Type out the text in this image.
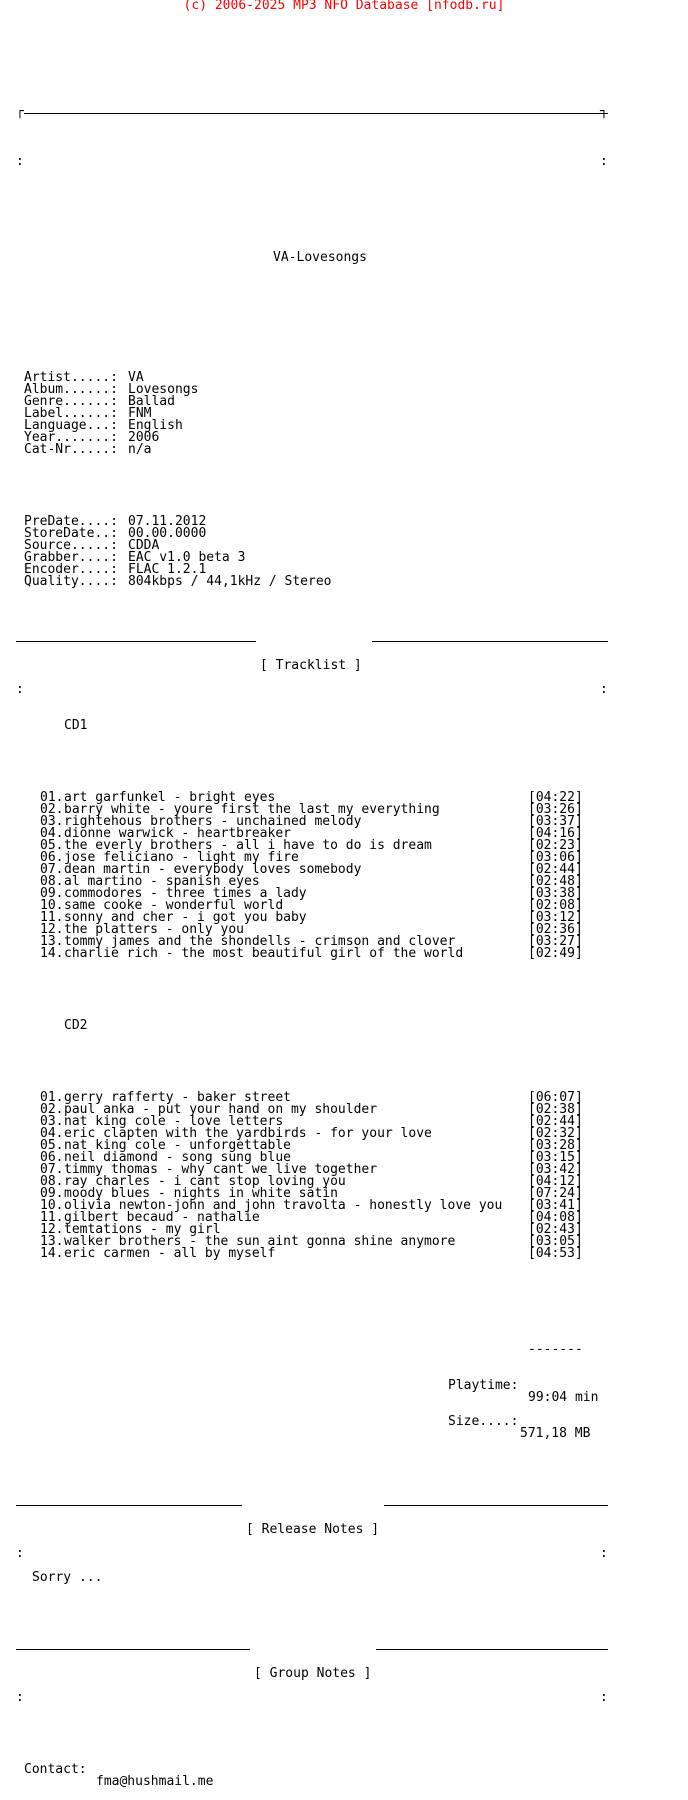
(c) 2006-2025 MP3 NFO Database [nfodb.ru]

┌

	┐

:	:

VA-Lovesongs

Artist.....: VA
Album......: Lovesongs
Genre......: Ballad
Label......: FNM
Language...: English
Year.......: 2006
Cat-Nr.....: n/a

PreDate....: 07.11.2012
StoreDate..: 00.00.0000
Source.....: CDDA
Grabber....: EAC v1.0 beta 3
Encoder....: FLAC 1.2.1
Quality....: 804kbps / 44,1kHz / Stereo

[ Tracklist ]

:	:

CD1

01. art garfunkel - bright eyes	[04:22]
02. barry white - youre first the last my everything	[03:26]
03. rightehous brothers - unchained melody	[03:37]
04. dionne warwick - heartbreaker	[04:16]
05. the everly brothers - all i have to do is dream	[02:23]
06. jose feliciano - light my fire	[03:06]
07. dean martin - everybody loves somebody	[02:44]
08. al martino - spanish eyes	[02:48]
09. commodores - three times a lady	[03:38]
10. same cooke - wonderful world	[02:08]
11. sonny and cher - i got you baby	[03:12]
12. the platters - only you	[02:36]
13. tommy james and the shondells - crimson and clover	[03:27]
14. charlie rich - the most beautiful girl of the world	[02:49]

CD2

01. gerry rafferty - baker street	[06:07]
02. paul anka - put your hand on my shoulder	[02:38]
03. nat king cole - love letters	[02:44]
04. eric clapten with the yardbirds - for your love	[02:32]
05. nat king cole - unforgettable	[03:28]
06. neil diamond - song sung blue	[03:15]
07. timmy thomas - why cant we live together	[03:42]
08. ray charles - i cant stop loving you	[04:12]
09. moody blues - nights in white satin	[07:24]
10. olivia newton-john and john travolta - honestly love you [03:41]
11. gilbert becaud - nathalie	[04:08]
12. temtations - my girl	[02:43]
13. walker brothers - the sun aint gonna shine anymore	[03:05]
14. eric carmen - all by myself	[04:53]

-------

Playtime:

99:04 min

Size....:

571,18 MB

[ Release Notes ]

:	:

Sorry ...

[ Group Notes ]

:	:

Contact:

fma@hushmail.me
